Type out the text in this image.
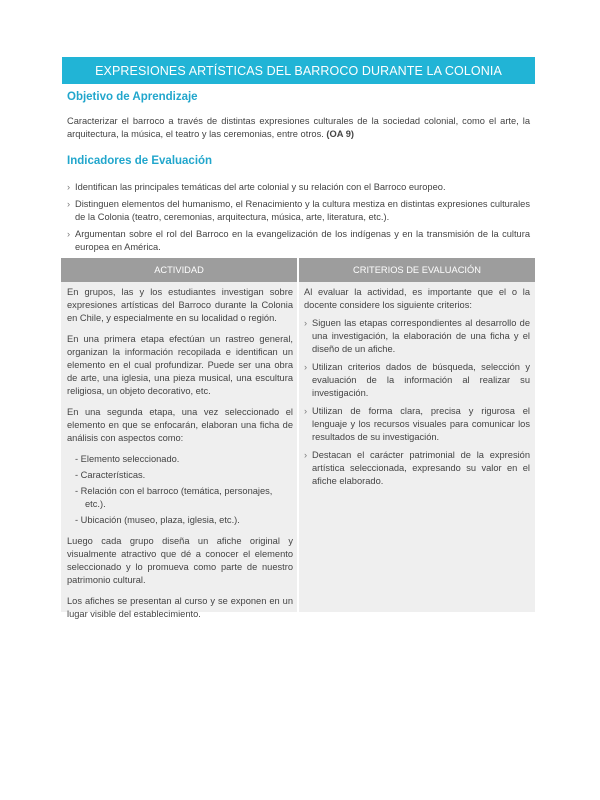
EXPRESIONES ARTÍSTICAS DEL BARROCO DURANTE LA COLONIA
Objetivo de Aprendizaje
Caracterizar el barroco a través de distintas expresiones culturales de la sociedad colonial, como el arte, la arquitectura, la música, el teatro y las ceremonias, entre otros. (OA 9)
Indicadores de Evaluación
› Identifican las principales temáticas del arte colonial y su relación con el Barroco europeo.
› Distinguen elementos del humanismo, el Renacimiento y la cultura mestiza en distintas expresiones culturales de la Colonia (teatro, ceremonias, arquitectura, música, arte, literatura, etc.).
› Argumentan sobre el rol del Barroco en la evangelización de los indígenas y en la transmisión de la cultura europea en América.
ACTIVIDAD	CRITERIOS DE EVALUACIÓN

En grupos, las y los estudiantes investigan sobre expresiones artísticas del Barroco durante la Colonia en Chile, y especialmente en su localidad o región.

En una primera etapa efectúan un rastreo general, organizan la información recopilada e identifican un elemento en el cual profundizar. Puede ser una obra de arte, una iglesia, una pieza musical, una escultura religiosa, un objeto decorativo, etc.

En una segunda etapa, una vez seleccionado el elemento en que se enfocarán, elaboran una ficha de análisis con aspectos como:

- Elemento seleccionado.
- Características.
- Relación con el barroco (temática, personajes, etc.).
- Ubicación (museo, plaza, iglesia, etc.).

Luego cada grupo diseña un afiche original y visualmente atractivo que dé a conocer el elemento seleccionado y lo promueva como parte de nuestro patrimonio cultural.

Los afiches se presentan al curso y se exponen en un lugar visible del establecimiento.

Al evaluar la actividad, es importante que el o la docente considere los siguiente criterios:

› Siguen las etapas correspondientes al desarrollo de una investigación, la elaboración de una ficha y el diseño de un afiche.
› Utilizan criterios dados de búsqueda, selección y evaluación de la información al realizar su investigación.
› Utilizan de forma clara, precisa y rigurosa el lenguaje y los recursos visuales para comunicar los resultados de su investigación.
› Destacan el carácter patrimonial de la expresión artística seleccionada, expresando su valor en el afiche elaborado.
